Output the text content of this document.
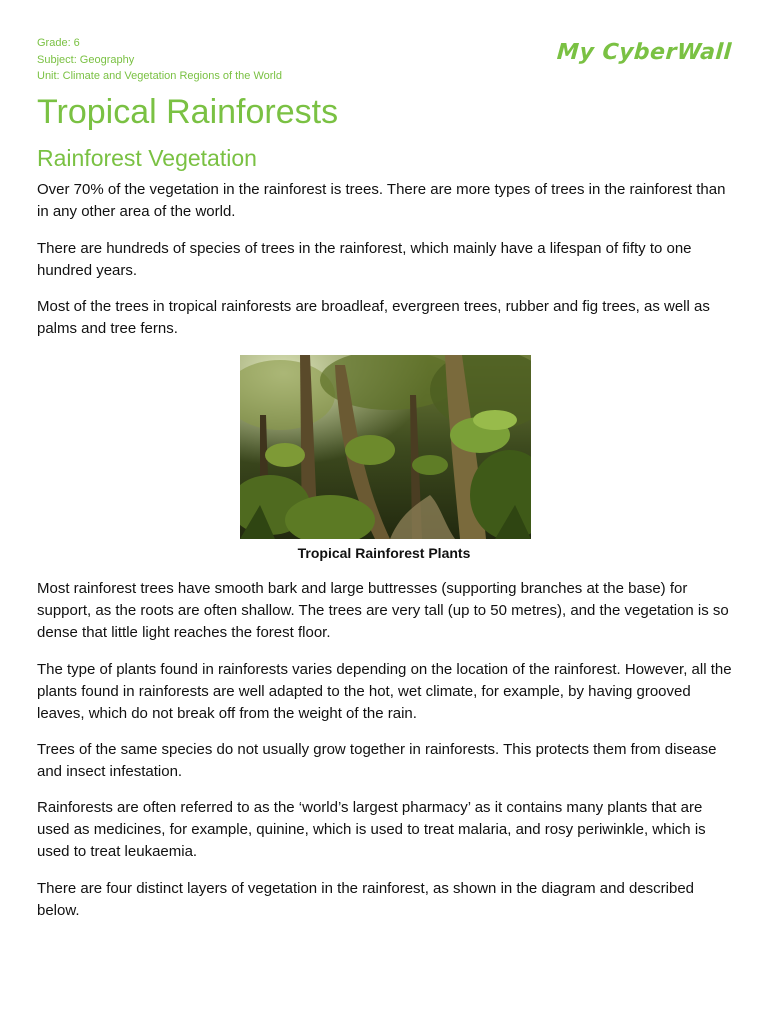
Grade: 6
Subject: Geography
Unit: Climate and Vegetation Regions of the World
My CyberWall
Tropical Rainforests
Rainforest Vegetation

Over 70% of the vegetation in the rainforest is trees. There are more types of trees in the rainforest than in any other area of the world.

There are hundreds of species of trees in the rainforest, which mainly have a lifespan of fifty to one hundred years.

Most of the trees in tropical rainforests are broadleaf, evergreen trees, rubber and fig trees, as well as palms and tree ferns.

Tropical Rainforest Plants

Most rainforest trees have smooth bark and large buttresses (supporting branches at the base) for support, as the roots are often shallow. The trees are very tall (up to 50 metres), and the vegetation is so dense that little light reaches the forest floor.

The type of plants found in rainforests varies depending on the location of the rainforest. However, all the plants found in rainforests are well adapted to the hot, wet climate, for example, by having grooved leaves, which do not break off from the weight of the rain.

Trees of the same species do not usually grow together in rainforests. This protects them from disease and insect infestation.

Rainforests are often referred to as the ‘world’s largest pharmacy’ as it contains many plants that are used as medicines, for example, quinine, which is used to treat malaria, and rosy periwinkle, which is used to treat leukaemia.

There are four distinct layers of vegetation in the rainforest, as shown in the diagram and described below.
